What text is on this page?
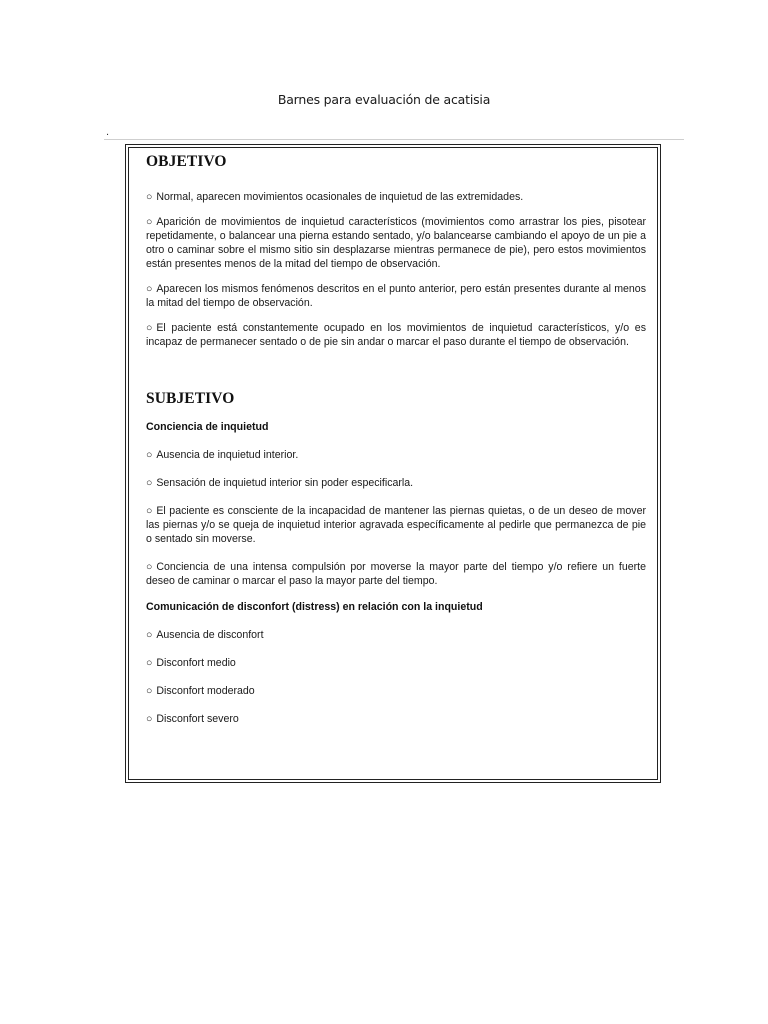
Barnes para evaluación de acatisia
.
OBJETIVO

○ Normal, aparecen movimientos ocasionales de inquietud de las extremidades.

○ Aparición de movimientos de inquietud característicos (movimientos como arrastrar los pies, pisotear repetidamente, o balancear una pierna estando sentado, y/o balancearse cambiando el apoyo de un pie a otro o caminar sobre el mismo sitio sin desplazarse mientras permanece de pie), pero estos movimientos están presentes menos de la mitad del tiempo de observación.

○ Aparecen los mismos fenómenos descritos en el punto anterior, pero están presentes durante al menos la mitad del tiempo de observación.

○ El paciente está constantemente ocupado en los movimientos de inquietud característicos, y/o es incapaz de permanecer sentado o de pie sin andar o marcar el paso durante el tiempo de observación.

SUBJETIVO

Conciencia de inquietud

○ Ausencia de inquietud interior.

○ Sensación de inquietud interior sin poder especificarla.

○ El paciente es consciente de la incapacidad de mantener las piernas quietas, o de un deseo de mover las piernas y/o se queja de inquietud interior agravada específicamente al pedirle que permanezca de pie o sentado sin moverse.

○ Conciencia de una intensa compulsión por moverse la mayor parte del tiempo y/o refiere un fuerte deseo de caminar o marcar el paso la mayor parte del tiempo.

Comunicación de disconfort (distress) en relación con la inquietud

○ Ausencia de disconfort

○ Disconfort medio

○ Disconfort moderado

○ Disconfort severo
